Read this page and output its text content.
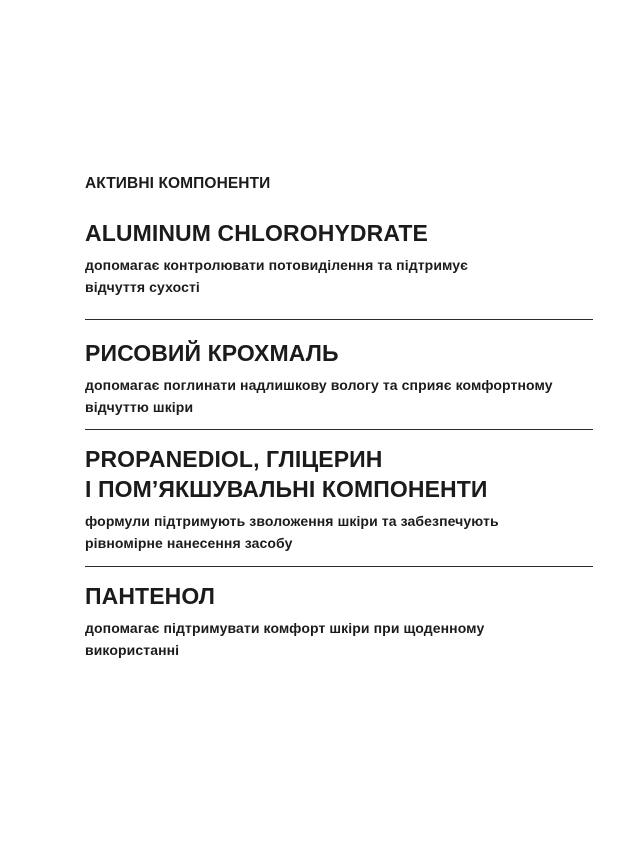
АКТИВНІ КОМПОНЕНТИ
ALUMINUM CHLOROHYDRATE
допомагає контролювати потовиділення та підтримує
відчуття сухості
РИСОВИЙ КРОХМАЛЬ
допомагає поглинати надлишкову вологу та сприяє комфортному
відчуттю шкіри
PROPANEDIOL, ГЛІЦЕРИН
І ПОМ’ЯКШУВАЛЬНІ КОМПОНЕНТИ
формули підтримують зволоження шкіри та забезпечують
рівномірне нанесення засобу
ПАНТЕНОЛ
допомагає підтримувати комфорт шкіри при щоденному
використанні
